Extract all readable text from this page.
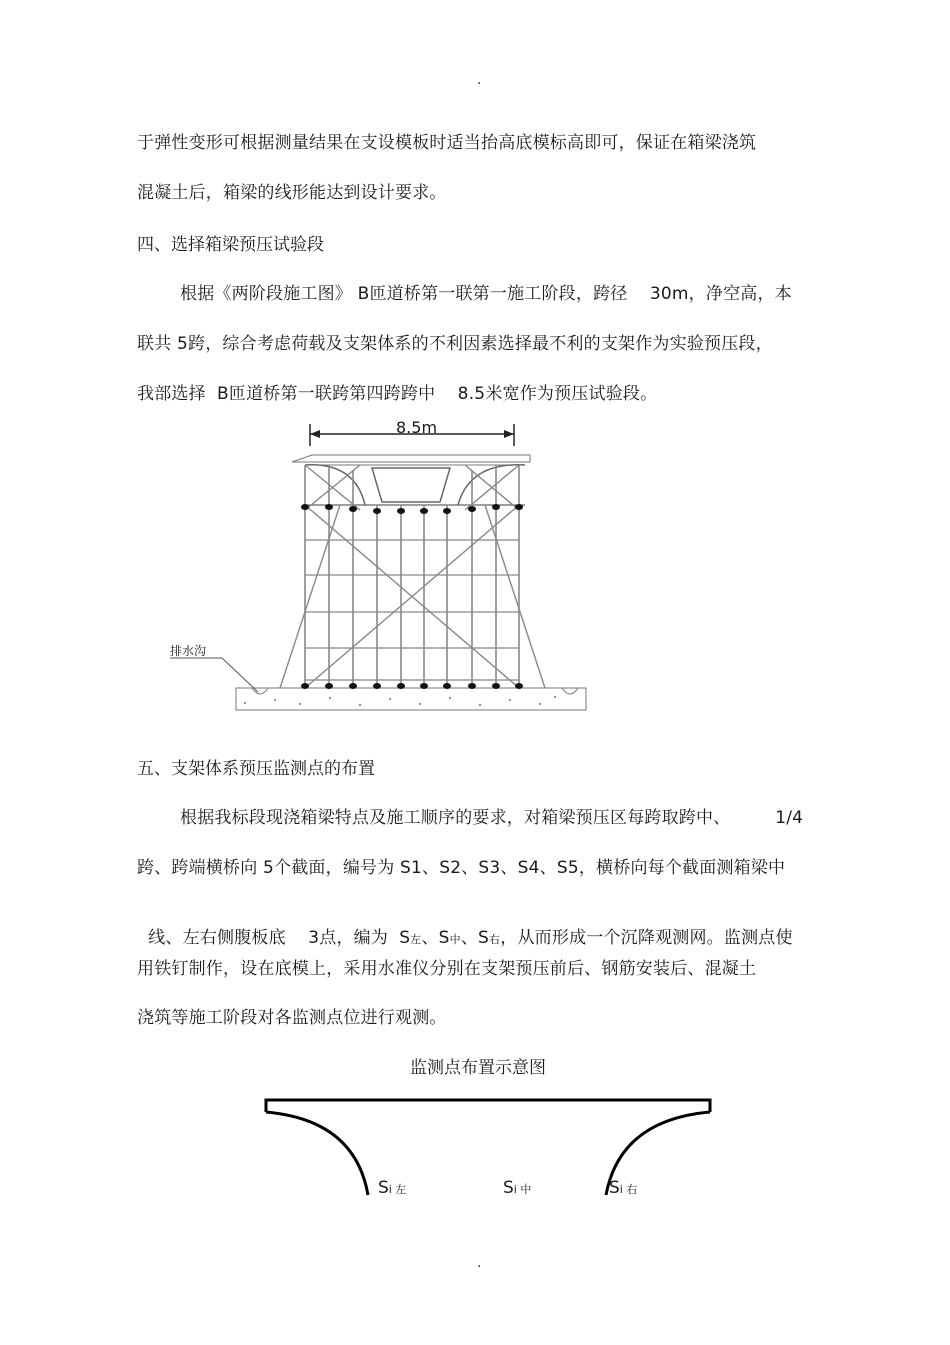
.
于弹性变形可根据测量结果在支设模板时适当抬高底模标高即可，保证在箱梁浇筑
混凝土后，箱梁的线形能达到设计要求。
四、选择箱梁预压试验段
根据《两阶段施工图》 B匝道桥第一联第一施工阶段，跨径    30m，净空高，本
联共 5跨，综合考虑荷载及支架体系的不利因素选择最不利的支架作为实验预压段，
我部选择  B匝道桥第一联跨第四跨跨中    8.5米宽作为预压试验段。
8.5m
排水沟
五、支架体系预压监测点的布置
根据我标段现浇箱梁特点及施工顺序的要求，对箱梁预压区每跨取跨中、        1/4
跨、跨端横桥向 5个截面，编号为 S1、S2、S3、S4、S5，横桥向每个截面测箱梁中

线、左右侧腹板底    3点，编为  S左、S中、S右，从而形成一个沉降观测网。监测点使

用铁钉制作，设在底模上，采用水准仪分别在支架预压前后、钢筋安装后、混凝土
浇筑等施工阶段对各监测点位进行观测。
监测点布置示意图
Si 左	Si 中	Si 右
.
